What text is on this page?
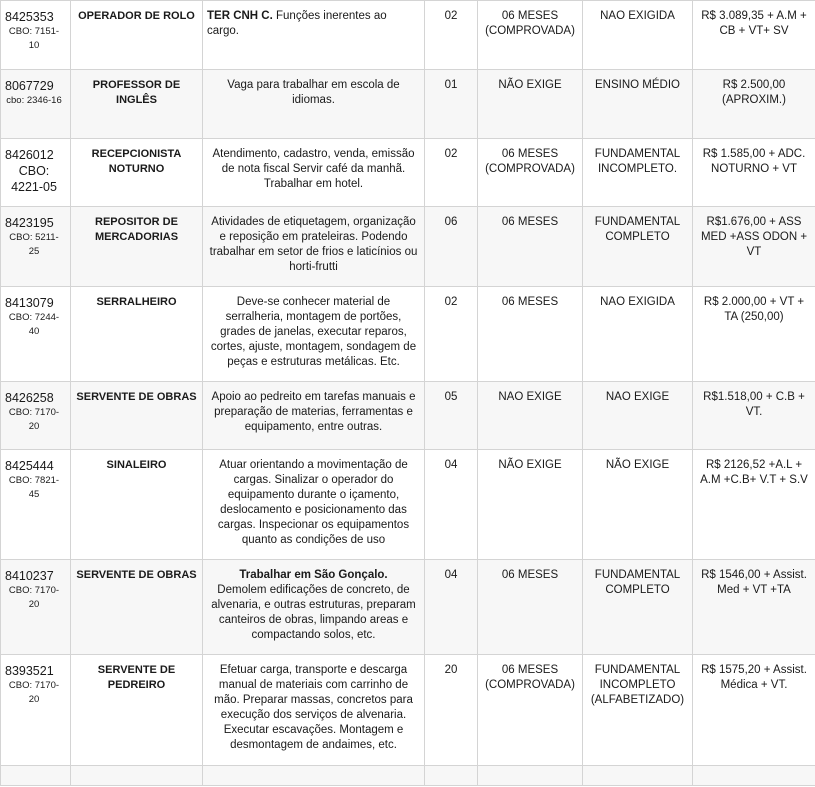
8425353
CBO: 7151-10	OPERADOR DE ROLO	TER CNH C. Funções inerentes ao cargo.	02	06 MESES (COMPROVADA)	NAO EXIGIDA	R$ 3.089,35 + A.M + CB + VT+ SV

8067729
cbo: 2346-16	PROFESSOR DE INGLÊS	Vaga para trabalhar em escola de idiomas.	01	NÃO EXIGE	ENSINO MÉDIO	R$ 2.500,00 (APROXIM.)

8426012
CBO: 4221-05	RECEPCIONISTA NOTURNO	Atendimento, cadastro, venda, emissão de nota fiscal Servir café da manhã. Trabalhar em hotel.	02	06 MESES (COMPROVADA)	FUNDAMENTAL INCOMPLETO.	R$ 1.585,00 + ADC. NOTURNO + VT

8423195
CBO: 5211-25	REPOSITOR DE MERCADORIAS	Atividades de etiquetagem, organização e reposição em prateleiras. Podendo trabalhar em setor de frios e laticínios ou horti-frutti	06	06 MESES	FUNDAMENTAL COMPLETO	R$1.676,00 + ASS MED +ASS ODON + VT

8413079
CBO: 7244-40	SERRALHEIRO	Deve-se conhecer material de serralheria, montagem de portões, grades de janelas, executar reparos, cortes, ajuste, montagem, sondagem de peças e estruturas metálicas. Etc.	02	06 MESES	NAO EXIGIDA	R$ 2.000,00 + VT + TA (250,00)

8426258
CBO: 7170-20	SERVENTE DE OBRAS	Apoio ao pedreito em tarefas manuais e preparação de materias, ferramentas e equipamento, entre outras.	05	NAO EXIGE	NAO EXIGE	R$1.518,00 + C.B + VT.

8425444
CBO: 7821-45	SINALEIRO	Atuar orientando a movimentação de cargas. Sinalizar o operador do equipamento durante o içamento, deslocamento e posicionamento das cargas. Inspecionar os equipamentos quanto as condições de uso	04	NÃO EXIGE	NÃO EXIGE	R$ 2126,52 +A.L + A.M +C.B+ V.T + S.V

8410237
CBO: 7170-20	SERVENTE DE OBRAS	Trabalhar em São Gonçalo.
Demolem edificações de concreto, de alvenaria, e outras estruturas, preparam canteiros de obras, limpando areas e compactando solos, etc.	04	06 MESES	FUNDAMENTAL COMPLETO	R$ 1546,00 + Assist. Med + VT +TA

8393521
CBO: 7170-20	SERVENTE DE PEDREIRO	Efetuar carga, transporte e descarga manual de materiais com carrinho de mão. Preparar massas, concretos para execução dos serviços de alvenaria. Executar escavações. Montagem e desmontagem de andaimes, etc.	20	06 MESES (COMPROVADA)	FUNDAMENTAL INCOMPLETO (ALFABETIZADO)	R$ 1575,20 + Assist. Médica + VT.
